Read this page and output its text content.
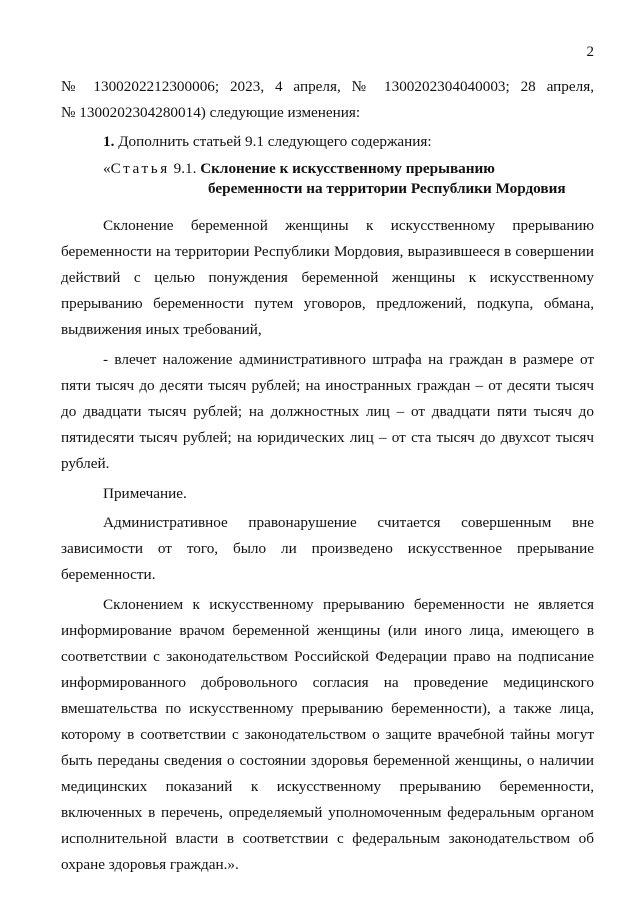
2

№ 1300202212300006; 2023, 4 апреля, № 1300202304040003; 28 апреля,

№ 1300202304280014) следующие изменения:

1. Дополнить статьей 9.1 следующего содержания:

«Статья 9.1. Склонение к искусственному прерыванию
беременности на территории Республики Мордовия

Склонение беременной женщины к искусственному прерыванию беременности на территории Республики Мордовия, выразившееся в совершении действий с целью понуждения беременной женщины к искусственному прерыванию беременности путем уговоров, предложений, подкупа, обмана, выдвижения иных требований,

- влечет наложение административного штрафа на граждан в размере от пяти тысяч до десяти тысяч рублей; на иностранных граждан – от десяти тысяч до двадцати тысяч рублей; на должностных лиц – от двадцати пяти тысяч до пятидесяти тысяч рублей; на юридических лиц – от ста тысяч до двухсот тысяч рублей.

Примечание.

Административное правонарушение считается совершенным вне зависимости от того, было ли произведено искусственное прерывание беременности.

Склонением к искусственному прерыванию беременности не является информирование врачом беременной женщины (или иного лица, имеющего в соответствии с законодательством Российской Федерации право на подписание информированного добровольного согласия на проведение медицинского вмешательства по искусственному прерыванию беременности), а также лица, которому в соответствии с законодательством о защите врачебной тайны могут быть переданы сведения о состоянии здоровья беременной женщины, о наличии медицинских показаний к искусственному прерыванию беременности, включенных в перечень, определяемый уполномоченным федеральным органом исполнительной власти в соответствии с федеральным законодательством об охране здоровья граждан.».
